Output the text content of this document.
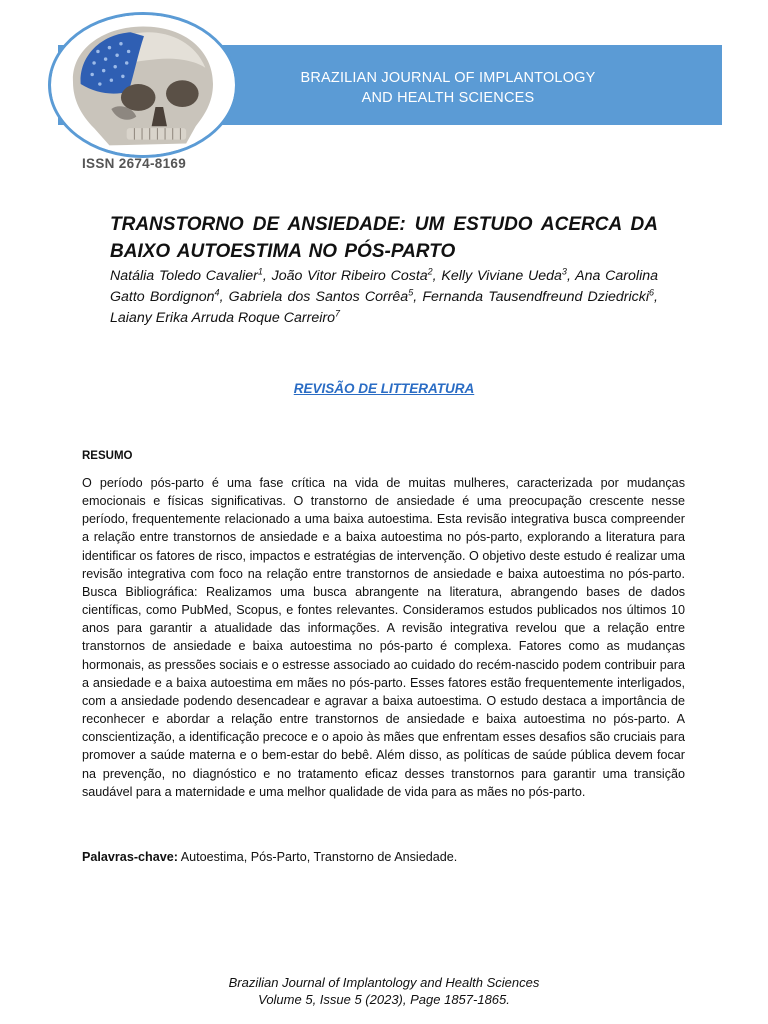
BRAZILIAN JOURNAL OF IMPLANTOLOGY
AND HEALTH SCIENCES
ISSN 2674-8169
TRANSTORNO DE ANSIEDADE: UM ESTUDO ACERCA DA BAIXO AUTOESTIMA NO PÓS-PARTO
Natália Toledo Cavalier$^1$, João Vitor Ribeiro Costa$^2$, Kelly Viviane Ueda$^3$, Ana Carolina Gatto Bordignon$^4$, Gabriela dos Santos Corrêa$^5$, Fernanda Tausendfreund Dziedricki$^6$, Laiany Erika Arruda Roque Carreiro$^7$
REVISÃO DE LITTERATURA
RESUMO

O período pós-parto é uma fase crítica na vida de muitas mulheres, caracterizada por mudanças emocionais e físicas significativas. O transtorno de ansiedade é uma preocupação crescente nesse período, frequentemente relacionado a uma baixa autoestima. Esta revisão integrativa busca compreender a relação entre transtornos de ansiedade e a baixa autoestima no pós-parto, explorando a literatura para identificar os fatores de risco, impactos e estratégias de intervenção. O objetivo deste estudo é realizar uma revisão integrativa com foco na relação entre transtornos de ansiedade e baixa autoestima no pós-parto. Busca Bibliográfica: Realizamos uma busca abrangente na literatura, abrangendo bases de dados científicas, como PubMed, Scopus, e fontes relevantes. Consideramos estudos publicados nos últimos 10 anos para garantir a atualidade das informações. A revisão integrativa revelou que a relação entre transtornos de ansiedade e baixa autoestima no pós-parto é complexa. Fatores como as mudanças hormonais, as pressões sociais e o estresse associado ao cuidado do recém-nascido podem contribuir para a ansiedade e a baixa autoestima em mães no pós-parto. Esses fatores estão frequentemente interligados, com a ansiedade podendo desencadear e agravar a baixa autoestima. O estudo destaca a importância de reconhecer e abordar a relação entre transtornos de ansiedade e baixa autoestima no pós-parto. A conscientização, a identificação precoce e o apoio às mães que enfrentam esses desafios são cruciais para promover a saúde materna e o bem-estar do bebê. Além disso, as políticas de saúde pública devem focar na prevenção, no diagnóstico e no tratamento eficaz desses transtornos para garantir uma transição saudável para a maternidade e uma melhor qualidade de vida para as mães no pós-parto.

Palavras-chave: Autoestima, Pós-Parto, Transtorno de Ansiedade.
Brazilian Journal of Implantology and Health Sciences
Volume 5, Issue 5 (2023), Page 1857-1865.
